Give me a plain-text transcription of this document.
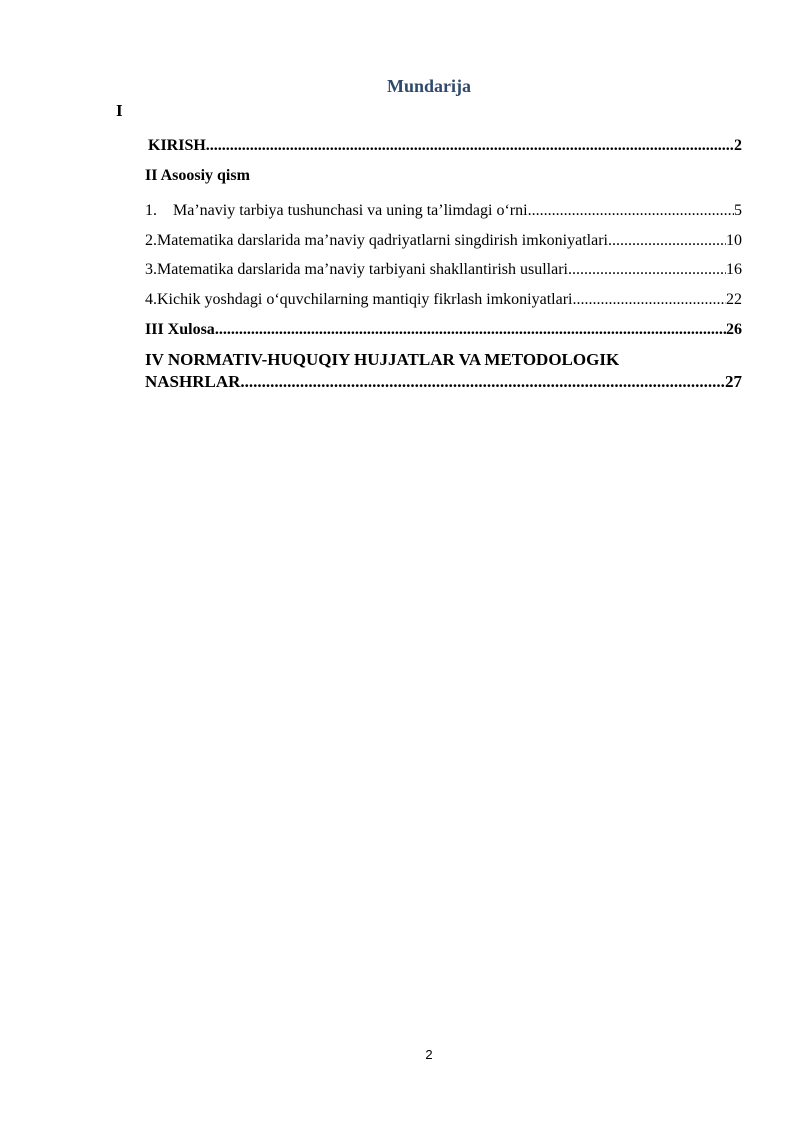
Mundarija
I
KIRISH .....	2
II Asoosiy qism
1. Ma’naviy tarbiya tushunchasi va uning ta’limdagi o‘rni .....	5
2.Matematika darslarida ma’naviy qadriyatlarni singdirish imkoniyatlari .....	10
3.Matematika darslarida ma’naviy tarbiyani shakllantirish usullari .....	16
4.Kichik yoshdagi o‘quvchilarning mantiqiy fikrlash imkoniyatlari .....	22
III Xulosa .....	26
IV NORMATIV-HUQUQIY HUJJATLAR VA METODOLOGIK
NASHRLAR .....	27
2
